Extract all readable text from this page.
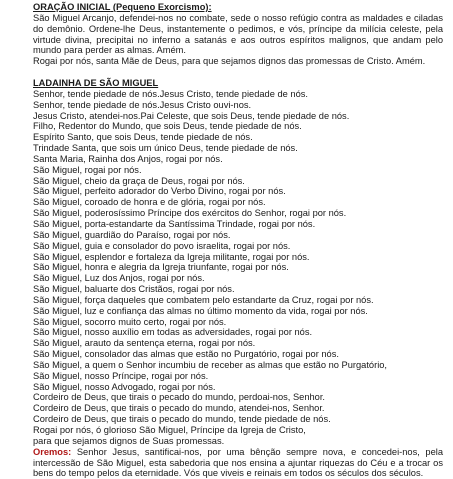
ORAÇÃO INICIAL (Pequeno Exorcismo):
São Miguel Arcanjo, defendei-nos no combate, sede o nosso refúgio contra as maldades e ciladas do demônio. Ordene-lhe Deus, instantemente o pedimos, e vós, príncipe da milícia celeste, pela virtude divina, precipitai no inferno a satanás e aos outros espíritos malignos, que andam pelo mundo para perder as almas. Amém.
Rogai por nós, santa Mãe de Deus, para que sejamos dignos das promessas de Cristo. Amém.
LADAINHA DE SÃO MIGUEL
Senhor, tende piedade de nós.Jesus Cristo, tende piedade de nós.
Senhor, tende piedade de nós.Jesus Cristo ouvi-nos.
Jesus Cristo, atendei-nos.Pai Celeste, que sois Deus, tende piedade de nós.
Filho, Redentor do Mundo, que sois Deus, tende piedade de nós.
Espírito Santo, que sois Deus, tende piedade de nós.
Trindade Santa, que sois um único Deus, tende piedade de nós.
Santa Maria, Rainha dos Anjos, rogai por nós.
São Miguel, rogai por nós.
São Miguel, cheio da graça de Deus, rogai por nós.
São Miguel, perfeito adorador do Verbo Divino, rogai por nós.
São Miguel, coroado de honra e de glória, rogai por nós.
São Miguel, poderosíssimo Príncipe dos exércitos do Senhor, rogai por nós.
São Miguel, porta-estandarte da Santíssima Trindade, rogai por nós.
São Miguel, guardião do Paraíso, rogai por nós.
São Miguel, guia e consolador do povo israelita, rogai por nós.
São Miguel, esplendor e fortaleza da Igreja militante, rogai por nós.
São Miguel, honra e alegria da Igreja triunfante, rogai por nós.
São Miguel, Luz dos Anjos, rogai por nós.
São Miguel, baluarte dos Cristãos, rogai por nós.
São Miguel, força daqueles que combatem pelo estandarte da Cruz, rogai por nós.
São Miguel, luz e confiança das almas no último momento da vida, rogai por nós.
São Miguel, socorro muito certo, rogai por nós.
São Miguel, nosso auxílio em todas as adversidades, rogai por nós.
São Miguel, arauto da sentença eterna, rogai por nós.
São Miguel, consolador das almas que estão no Purgatório, rogai por nós.
São Miguel, a quem o Senhor incumbiu de receber as almas que estão no Purgatório,
São Miguel, nosso Príncipe, rogai por nós.
São Miguel, nosso Advogado, rogai por nós.
Cordeiro de Deus, que tirais o pecado do mundo, perdoai-nos, Senhor.
Cordeiro de Deus, que tirais o pecado do mundo, atendei-nos, Senhor.
Cordeiro de Deus, que tirais o pecado do mundo, tende piedade de nós.
Rogai por nós, ó glorioso São Miguel, Príncipe da Igreja de Cristo,
para que sejamos dignos de Suas promessas.
Oremos: Senhor Jesus, santificai-nos, por uma bênção sempre nova, e concedei-nos, pela intercessão de São Miguel, esta sabedoria que nos ensina a ajuntar riquezas do Céu e a trocar os bens do tempo pelos da eternidade. Vós que viveis e reinais em todos os séculos dos séculos.
